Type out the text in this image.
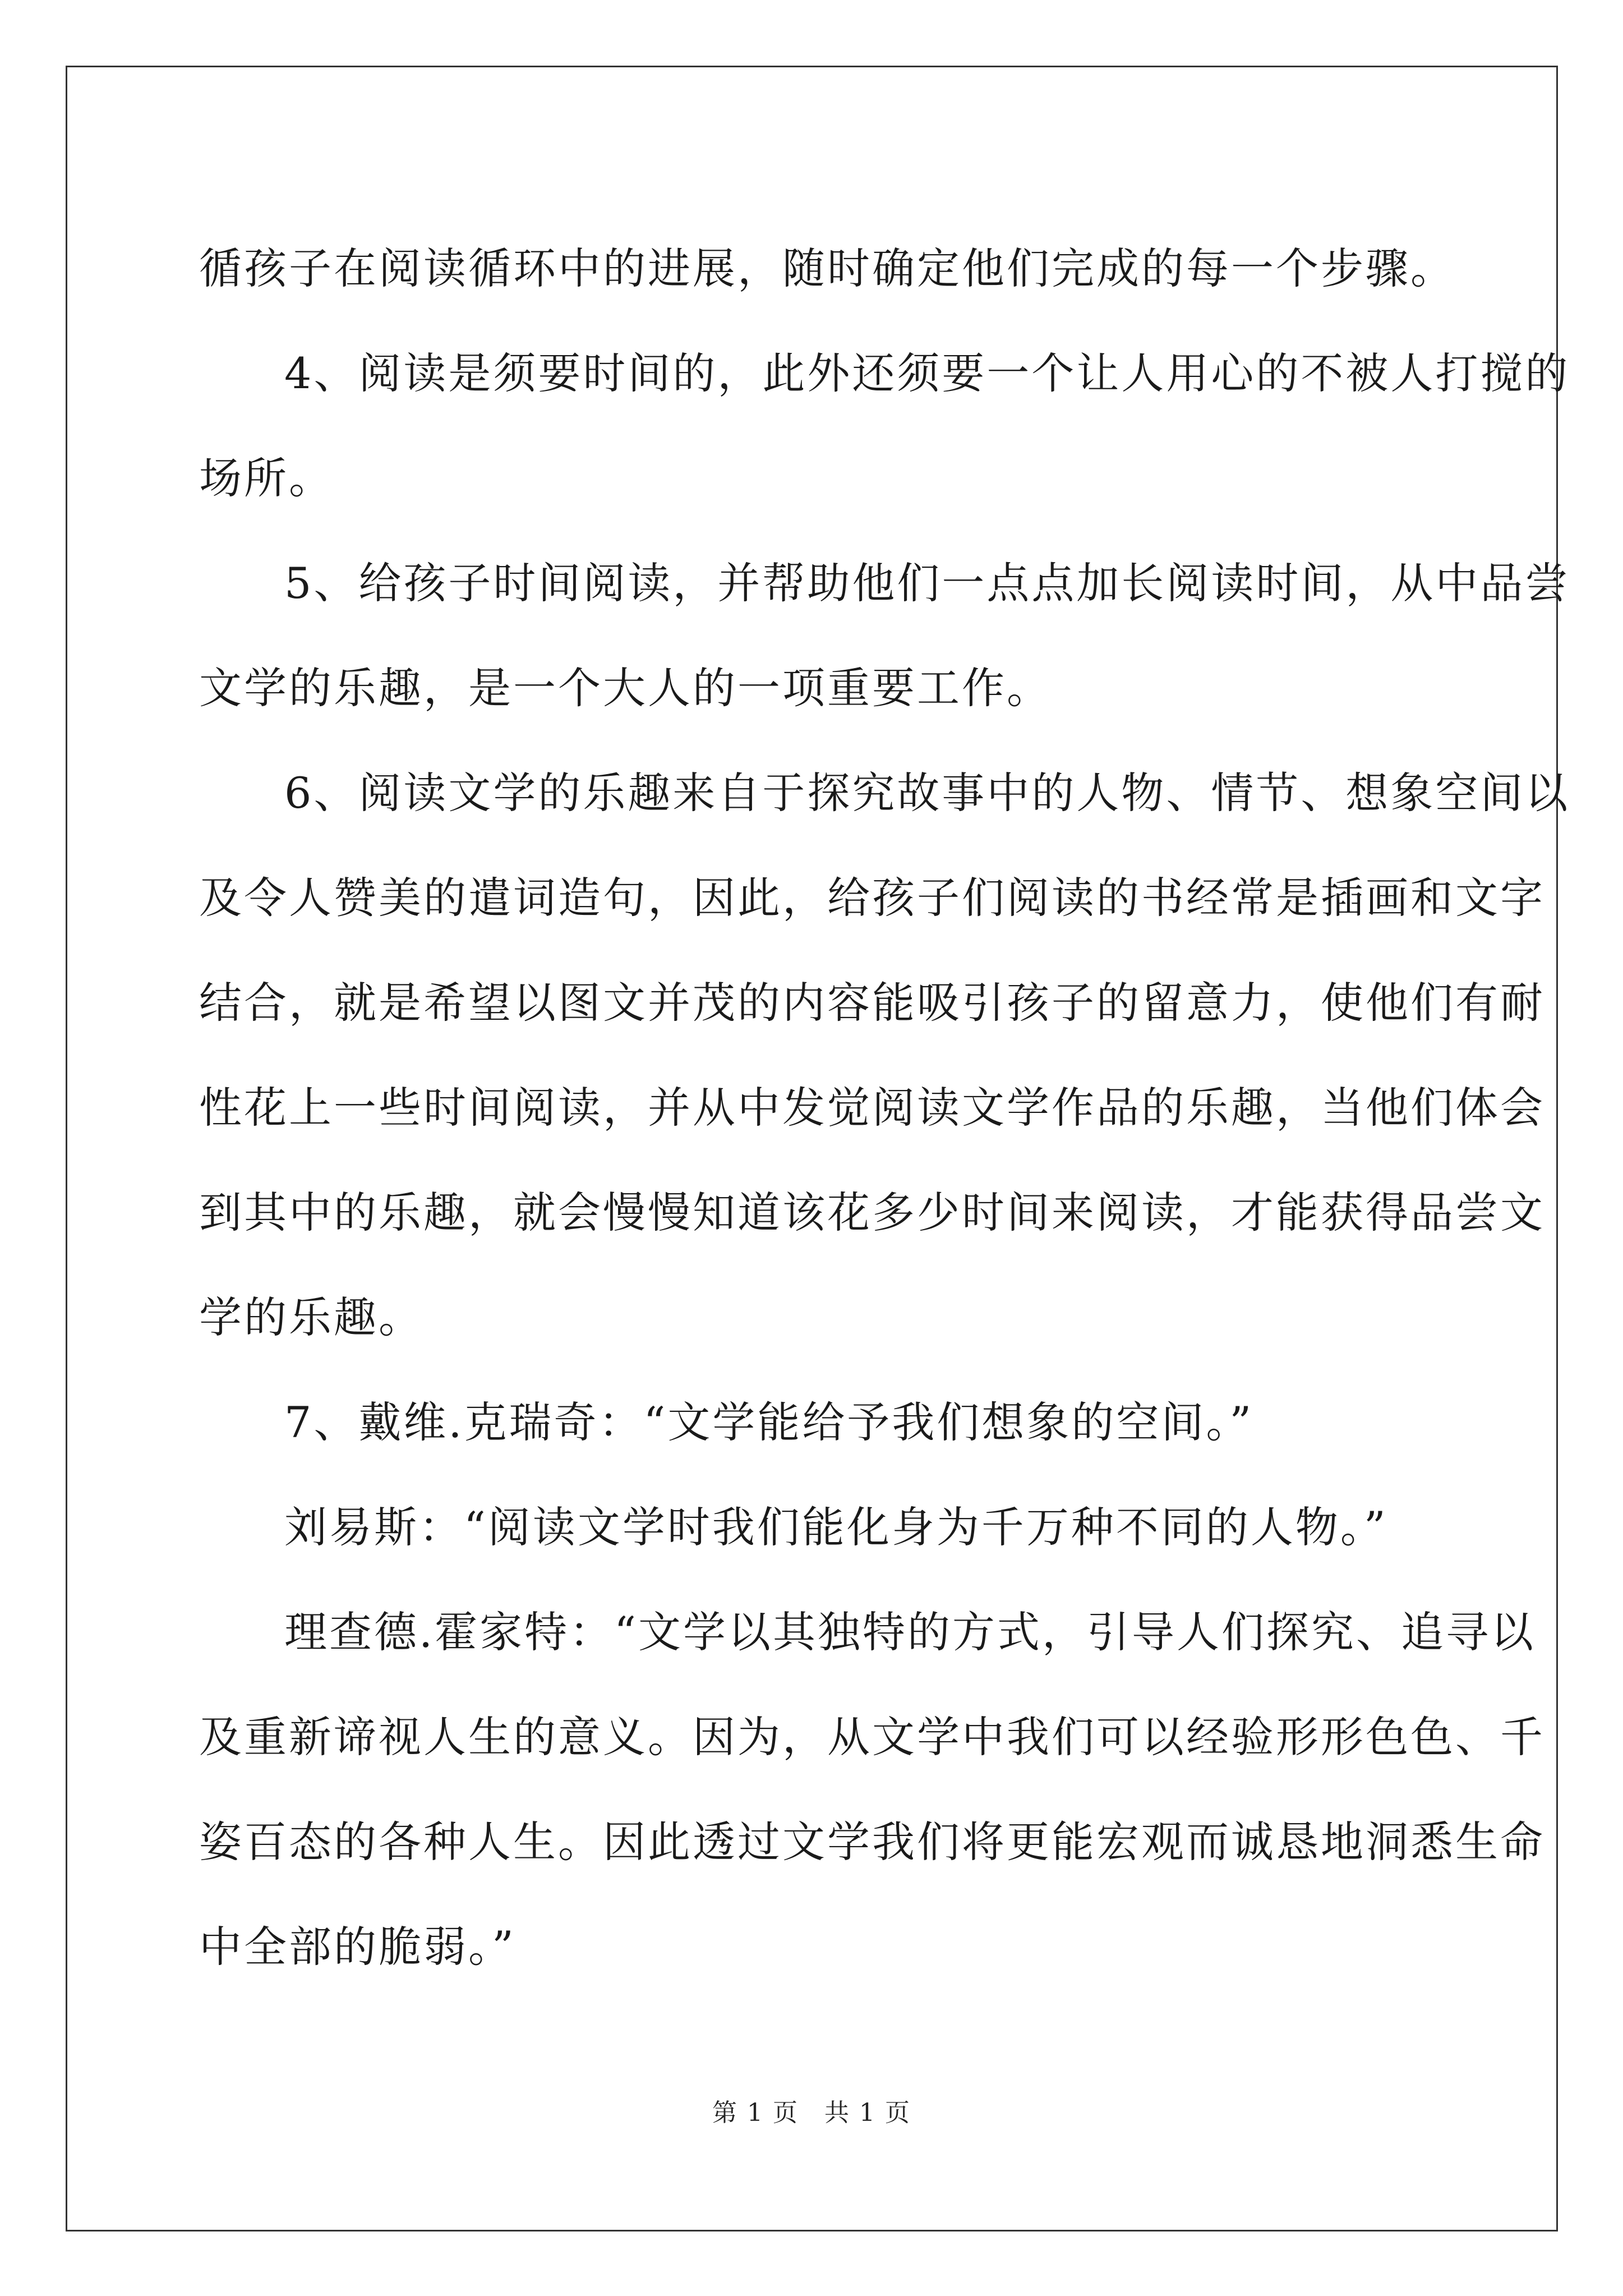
循孩子在阅读循环中的进展，随时确定他们完成的每一个步骤。
4、阅读是须要时间的，此外还须要一个让人用心的不被人打搅的
场所。
5、给孩子时间阅读，并帮助他们一点点加长阅读时间，从中品尝
文学的乐趣，是一个大人的一项重要工作。
6、阅读文学的乐趣来自于探究故事中的人物、情节、想象空间以
及令人赞美的遣词造句，因此，给孩子们阅读的书经常是插画和文字
结合，就是希望以图文并茂的内容能吸引孩子的留意力，使他们有耐
性花上一些时间阅读，并从中发觉阅读文学作品的乐趣，当他们体会
到其中的乐趣，就会慢慢知道该花多少时间来阅读，才能获得品尝文
学的乐趣。
7、戴维.克瑞奇：“文学能给予我们想象的空间。”
刘易斯：“阅读文学时我们能化身为千万种不同的人物。”
理查德.霍家特：“文学以其独特的方式，引导人们探究、追寻以
及重新谛视人生的意义。因为，从文学中我们可以经验形形色色、千
姿百态的各种人生。因此透过文学我们将更能宏观而诚恳地洞悉生命
中全部的脆弱。”
第 1 页　共 1 页
